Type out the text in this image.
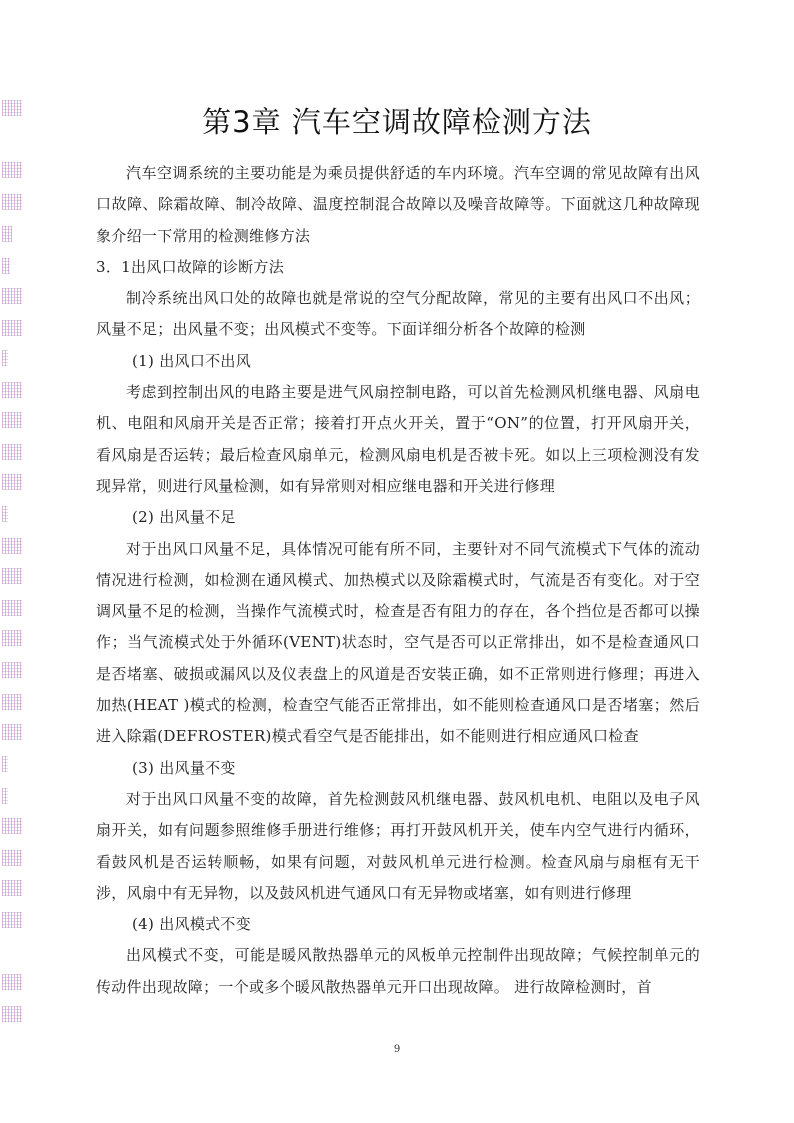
第3章 汽车空调故障检测方法

汽车空调系统的主要功能是为乘员提供舒适的车内环境。汽车空调的常见故障有出风口故障、除霜故障、制冷故障、温度控制混合故障以及噪音故障等。下面就这几种故障现象介绍一下常用的检测维修方法

3．1出风口故障的诊断方法

制冷系统出风口处的故障也就是常说的空气分配故障，常见的主要有出风口不出风；风量不足；出风量不变；出风模式不变等。下面详细分析各个故障的检测

(1) 出风口不出风

考虑到控制出风的电路主要是进气风扇控制电路，可以首先检测风机继电器、风扇电机、电阻和风扇开关是否正常；接着打开点火开关，置于“ON”的位置，打开风扇开关，看风扇是否运转；最后检查风扇单元，检测风扇电机是否被卡死。如以上三项检测没有发现异常，则进行风量检测，如有异常则对相应继电器和开关进行修理

(2) 出风量不足

对于出风口风量不足，具体情况可能有所不同，主要针对不同气流模式下气体的流动情况进行检测，如检测在通风模式、加热模式以及除霜模式时，气流是否有变化。对于空调风量不足的检测，当操作气流模式时，检查是否有阻力的存在，各个挡位是否都可以操作；当气流模式处于外循环(VENT)状态时，空气是否可以正常排出，如不是检查通风口是否堵塞、破损或漏风以及仪表盘上的风道是否安装正确，如不正常则进行修理；再进入加热(HEAT )模式的检测，检查空气能否正常排出，如不能则检查通风口是否堵塞；然后进入除霜(DEFROSTER)模式看空气是否能排出，如不能则进行相应通风口检查

(3) 出风量不变

对于出风口风量不变的故障，首先检测鼓风机继电器、鼓风机电机、电阻以及电子风扇开关，如有问题参照维修手册进行维修；再打开鼓风机开关，使车内空气进行内循环，看鼓风机是否运转顺畅，如果有问题，对鼓风机单元进行检测。检查风扇与扇框有无干涉，风扇中有无异物，以及鼓风机进气通风口有无异物或堵塞，如有则进行修理

(4) 出风模式不变

出风模式不变，可能是暖风散热器单元的风板单元控制件出现故障；气候控制单元的传动件出现故障；一个或多个暖风散热器单元开口出现故障。 进行故障检测时，首

9
